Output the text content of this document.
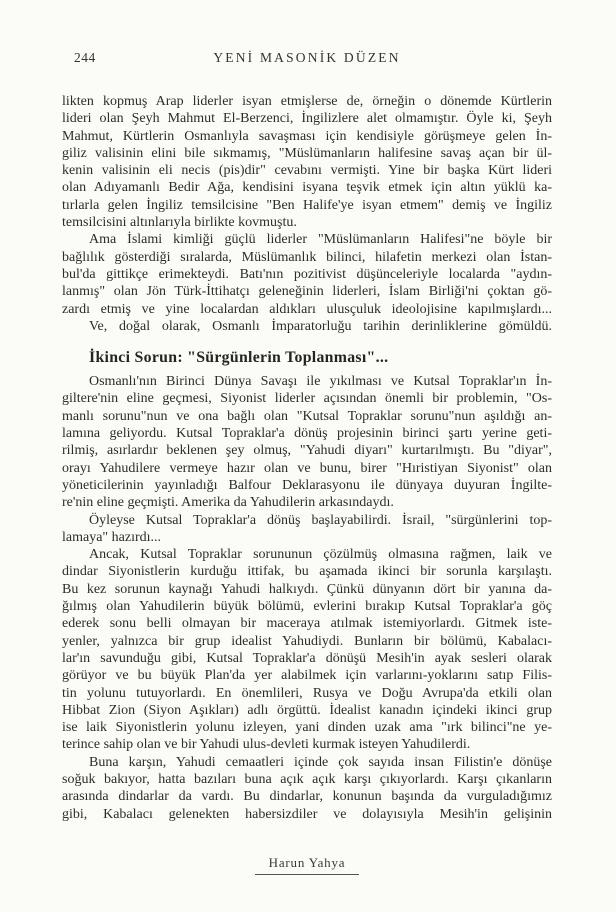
244	YENİ MASONİK DÜZEN
likten kopmuş Arap liderler isyan etmişlerse de, örneğin o dönemde Kürtlerin
lideri olan Şeyh Mahmut El-Berzenci, İngilizlere alet olmamıştır. Öyle ki, Şeyh
Mahmut, Kürtlerin Osmanlıyla savaşması için kendisiyle görüşmeye gelen İn-
giliz valisinin elini bile sıkmamış, "Müslümanların halifesine savaş açan bir ül-
kenin valisinin eli necis (pis)dir" cevabını vermişti. Yine bir başka Kürt lideri
olan Adıyamanlı Bedir Ağa, kendisini isyana teşvik etmek için altın yüklü ka-
tırlarla gelen İngiliz temsilcisine "Ben Halife'ye isyan etmem" demiş ve İngiliz
temsilcisini altınlarıyla birlikte kovmuştu.
Ama İslami kimliği güçlü liderler "Müslümanların Halifesi"ne böyle bir
bağlılık gösterdiği sıralarda, Müslümanlık bilinci, hilafetin merkezi olan İstan-
bul'da gittikçe erimekteydi. Batı'nın pozitivist düşünceleriyle localarda "aydın-
lanmış" olan Jön Türk-İttihatçı geleneğinin liderleri, İslam Birliği'ni çoktan gö-
zardı etmiş ve yine localardan aldıkları ulusçuluk ideolojisine kapılmışlardı...
Ve, doğal olarak, Osmanlı İmparatorluğu tarihin derinliklerine gömüldü.
İkinci Sorun: "Sürgünlerin Toplanması"...
Osmanlı'nın Birinci Dünya Savaşı ile yıkılması ve Kutsal Topraklar'ın İn-
giltere'nin eline geçmesi, Siyonist liderler açısından önemli bir problemin, "Os-
manlı sorunu"nun ve ona bağlı olan "Kutsal Topraklar sorunu"nun aşıldığı an-
lamına geliyordu. Kutsal Topraklar'a dönüş projesinin birinci şartı yerine geti-
rilmiş, asırlardır beklenen şey olmuş, "Yahudi diyarı" kurtarılmıştı. Bu "diyar",
orayı Yahudilere vermeye hazır olan ve bunu, birer "Hıristiyan Siyonist" olan
yöneticilerinin yayınladığı Balfour Deklarasyonu ile dünyaya duyuran İngilte-
re'nin eline geçmişti. Amerika da Yahudilerin arkasındaydı.
Öyleyse Kutsal Topraklar'a dönüş başlayabilirdi. İsrail, "sürgünlerini top-
lamaya" hazırdı...
Ancak, Kutsal Topraklar sorununun çözülmüş olmasına rağmen, laik ve
dindar Siyonistlerin kurduğu ittifak, bu aşamada ikinci bir sorunla karşılaştı.
Bu kez sorunun kaynağı Yahudi halkıydı. Çünkü dünyanın dört bir yanına da-
ğılmış olan Yahudilerin büyük bölümü, evlerini bırakıp Kutsal Topraklar'a göç
ederek sonu belli olmayan bir maceraya atılmak istemiyorlardı. Gitmek iste-
yenler, yalnızca bir grup idealist Yahudiydi. Bunların bir bölümü, Kabalacı-
lar'ın savunduğu gibi, Kutsal Topraklar'a dönüşü Mesih'in ayak sesleri olarak
görüyor ve bu büyük Plan'da yer alabilmek için varlarını-yoklarını satıp Filis-
tin yolunu tutuyorlardı. En önemlileri, Rusya ve Doğu Avrupa'da etkili olan
Hibbat Zion (Siyon Aşıkları) adlı örgüttü. İdealist kanadın içindeki ikinci grup
ise laik Siyonistlerin yolunu izleyen, yani dinden uzak ama "ırk bilinci"ne ye-
terince sahip olan ve bir Yahudi ulus-devleti kurmak isteyen Yahudilerdi.
Buna karşın, Yahudi cemaatleri içinde çok sayıda insan Filistin'e dönüşe
soğuk bakıyor, hatta bazıları buna açık açık karşı çıkıyorlardı. Karşı çıkanların
arasında dindarlar da vardı. Bu dindarlar, konunun başında da vurguladığımız
gibi, Kabalacı gelenekten habersizdiler ve dolayısıyla Mesih'in gelişinin
Harun Yahya
